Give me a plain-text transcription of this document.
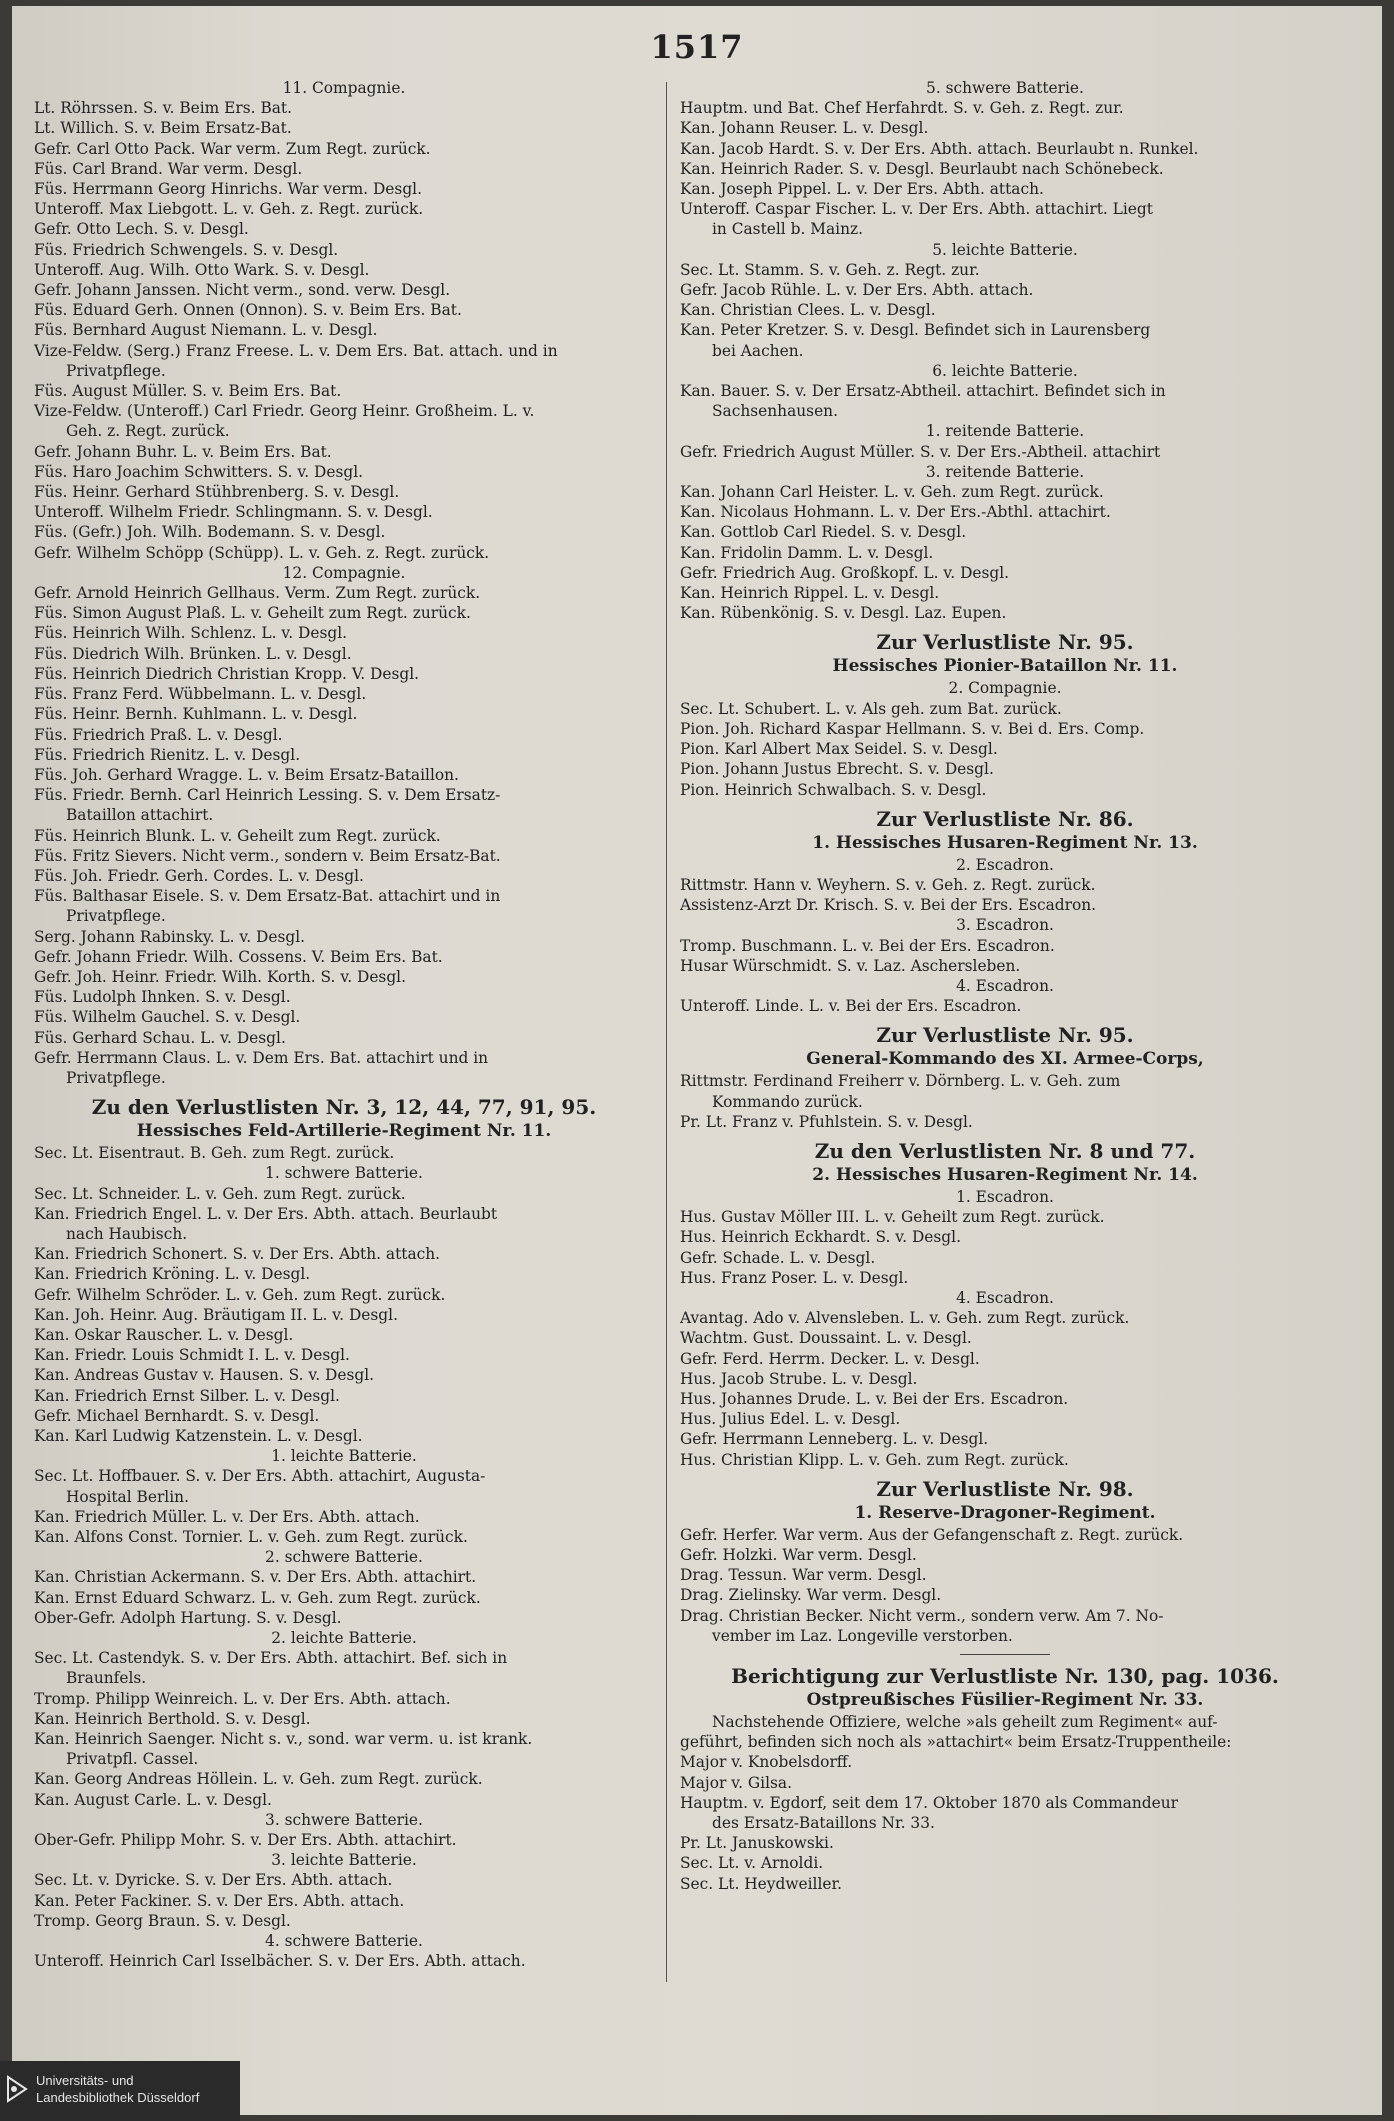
1517
11. Compagnie.
Lt. Röhrssen. S. v. Beim Ers. Bat.
Lt. Willich. S. v. Beim Ersatz-Bat.
Gefr. Carl Otto Pack. War verm. Zum Regt. zurück.
Füs. Carl Brand. War verm. Desgl.
Füs. Herrmann Georg Hinrichs. War verm. Desgl.
Unteroff. Max Liebgott. L. v. Geh. z. Regt. zurück.
Gefr. Otto Lech. S. v. Desgl.
Füs. Friedrich Schwengels. S. v. Desgl.
Unteroff. Aug. Wilh. Otto Wark. S. v. Desgl.
Gefr. Johann Janssen. Nicht verm., sond. verw. Desgl.
Füs. Eduard Gerh. Onnen (Onnon). S. v. Beim Ers. Bat.
Füs. Bernhard August Niemann. L. v. Desgl.
Vize-Feldw. (Serg.) Franz Freese. L. v. Dem Ers. Bat. attach. und in
Privatpflege.
Füs. August Müller. S. v. Beim Ers. Bat.
Vize-Feldw. (Unteroff.) Carl Friedr. Georg Heinr. Großheim. L. v.
Geh. z. Regt. zurück.
Gefr. Johann Buhr. L. v. Beim Ers. Bat.
Füs. Haro Joachim Schwitters. S. v. Desgl.
Füs. Heinr. Gerhard Stühbrenberg. S. v. Desgl.
Unteroff. Wilhelm Friedr. Schlingmann. S. v. Desgl.
Füs. (Gefr.) Joh. Wilh. Bodemann. S. v. Desgl.
Gefr. Wilhelm Schöpp (Schüpp). L. v. Geh. z. Regt. zurück.
12. Compagnie.
Gefr. Arnold Heinrich Gellhaus. Verm. Zum Regt. zurück.
Füs. Simon August Plaß. L. v. Geheilt zum Regt. zurück.
Füs. Heinrich Wilh. Schlenz. L. v. Desgl.
Füs. Diedrich Wilh. Brünken. L. v. Desgl.
Füs. Heinrich Diedrich Christian Kropp. V. Desgl.
Füs. Franz Ferd. Wübbelmann. L. v. Desgl.
Füs. Heinr. Bernh. Kuhlmann. L. v. Desgl.
Füs. Friedrich Praß. L. v. Desgl.
Füs. Friedrich Rienitz. L. v. Desgl.
Füs. Joh. Gerhard Wragge. L. v. Beim Ersatz-Bataillon.
Füs. Friedr. Bernh. Carl Heinrich Lessing. S. v. Dem Ersatz-
Bataillon attachirt.
Füs. Heinrich Blunk. L. v. Geheilt zum Regt. zurück.
Füs. Fritz Sievers. Nicht verm., sondern v. Beim Ersatz-Bat.
Füs. Joh. Friedr. Gerh. Cordes. L. v. Desgl.
Füs. Balthasar Eisele. S. v. Dem Ersatz-Bat. attachirt und in
Privatpflege.
Serg. Johann Rabinsky. L. v. Desgl.
Gefr. Johann Friedr. Wilh. Cossens. V. Beim Ers. Bat.
Gefr. Joh. Heinr. Friedr. Wilh. Korth. S. v. Desgl.
Füs. Ludolph Ihnken. S. v. Desgl.
Füs. Wilhelm Gauchel. S. v. Desgl.
Füs. Gerhard Schau. L. v. Desgl.
Gefr. Herrmann Claus. L. v. Dem Ers. Bat. attachirt und in
Privatpflege.
Zu den Verlustlisten Nr. 3, 12, 44, 77, 91, 95.
Hessisches Feld-Artillerie-Regiment Nr. 11.
Sec. Lt. Eisentraut. B. Geh. zum Regt. zurück.
1. schwere Batterie.
Sec. Lt. Schneider. L. v. Geh. zum Regt. zurück.
Kan. Friedrich Engel. L. v. Der Ers. Abth. attach. Beurlaubt
nach Haubisch.
Kan. Friedrich Schonert. S. v. Der Ers. Abth. attach.
Kan. Friedrich Kröning. L. v. Desgl.
Gefr. Wilhelm Schröder. L. v. Geh. zum Regt. zurück.
Kan. Joh. Heinr. Aug. Bräutigam II. L. v. Desgl.
Kan. Oskar Rauscher. L. v. Desgl.
Kan. Friedr. Louis Schmidt I. L. v. Desgl.
Kan. Andreas Gustav v. Hausen. S. v. Desgl.
Kan. Friedrich Ernst Silber. L. v. Desgl.
Gefr. Michael Bernhardt. S. v. Desgl.
Kan. Karl Ludwig Katzenstein. L. v. Desgl.
1. leichte Batterie.
Sec. Lt. Hoffbauer. S. v. Der Ers. Abth. attachirt, Augusta-
Hospital Berlin.
Kan. Friedrich Müller. L. v. Der Ers. Abth. attach.
Kan. Alfons Const. Tornier. L. v. Geh. zum Regt. zurück.
2. schwere Batterie.
Kan. Christian Ackermann. S. v. Der Ers. Abth. attachirt.
Kan. Ernst Eduard Schwarz. L. v. Geh. zum Regt. zurück.
Ober-Gefr. Adolph Hartung. S. v. Desgl.
2. leichte Batterie.
Sec. Lt. Castendyk. S. v. Der Ers. Abth. attachirt. Bef. sich in
Braunfels.
Tromp. Philipp Weinreich. L. v. Der Ers. Abth. attach.
Kan. Heinrich Berthold. S. v. Desgl.
Kan. Heinrich Saenger. Nicht s. v., sond. war verm. u. ist krank.
Privatpfl. Cassel.
Kan. Georg Andreas Höllein. L. v. Geh. zum Regt. zurück.
Kan. August Carle. L. v. Desgl.
3. schwere Batterie.
Ober-Gefr. Philipp Mohr. S. v. Der Ers. Abth. attachirt.
3. leichte Batterie.
Sec. Lt. v. Dyricke. S. v. Der Ers. Abth. attach.
Kan. Peter Fackiner. S. v. Der Ers. Abth. attach.
Tromp. Georg Braun. S. v. Desgl.
4. schwere Batterie.
Unteroff. Heinrich Carl Isselbächer. S. v. Der Ers. Abth. attach.
5. schwere Batterie.
Hauptm. und Bat. Chef Herfahrdt. S. v. Geh. z. Regt. zur.
Kan. Johann Reuser. L. v. Desgl.
Kan. Jacob Hardt. S. v. Der Ers. Abth. attach. Beurlaubt n. Runkel.
Kan. Heinrich Rader. S. v. Desgl. Beurlaubt nach Schönebeck.
Kan. Joseph Pippel. L. v. Der Ers. Abth. attach.
Unteroff. Caspar Fischer. L. v. Der Ers. Abth. attachirt. Liegt
in Castell b. Mainz.
5. leichte Batterie.
Sec. Lt. Stamm. S. v. Geh. z. Regt. zur.
Gefr. Jacob Rühle. L. v. Der Ers. Abth. attach.
Kan. Christian Clees. L. v. Desgl.
Kan. Peter Kretzer. S. v. Desgl. Befindet sich in Laurensberg
bei Aachen.
6. leichte Batterie.
Kan. Bauer. S. v. Der Ersatz-Abtheil. attachirt. Befindet sich in
Sachsenhausen.
1. reitende Batterie.
Gefr. Friedrich August Müller. S. v. Der Ers.-Abtheil. attachirt
3. reitende Batterie.
Kan. Johann Carl Heister. L. v. Geh. zum Regt. zurück.
Kan. Nicolaus Hohmann. L. v. Der Ers.-Abthl. attachirt.
Kan. Gottlob Carl Riedel. S. v. Desgl.
Kan. Fridolin Damm. L. v. Desgl.
Gefr. Friedrich Aug. Großkopf. L. v. Desgl.
Kan. Heinrich Rippel. L. v. Desgl.
Kan. Rübenkönig. S. v. Desgl. Laz. Eupen.
Zur Verlustliste Nr. 95.
Hessisches Pionier-Bataillon Nr. 11.
2. Compagnie.
Sec. Lt. Schubert. L. v. Als geh. zum Bat. zurück.
Pion. Joh. Richard Kaspar Hellmann. S. v. Bei d. Ers. Comp.
Pion. Karl Albert Max Seidel. S. v. Desgl.
Pion. Johann Justus Ebrecht. S. v. Desgl.
Pion. Heinrich Schwalbach. S. v. Desgl.
Zur Verlustliste Nr. 86.
1. Hessisches Husaren-Regiment Nr. 13.
2. Escadron.
Rittmstr. Hann v. Weyhern. S. v. Geh. z. Regt. zurück.
Assistenz-Arzt Dr. Krisch. S. v. Bei der Ers. Escadron.
3. Escadron.
Tromp. Buschmann. L. v. Bei der Ers. Escadron.
Husar Würschmidt. S. v. Laz. Aschersleben.
4. Escadron.
Unteroff. Linde. L. v. Bei der Ers. Escadron.
Zur Verlustliste Nr. 95.
General-Kommando des XI. Armee-Corps,
Rittmstr. Ferdinand Freiherr v. Dörnberg. L. v. Geh. zum
Kommando zurück.
Pr. Lt. Franz v. Pfuhlstein. S. v. Desgl.
Zu den Verlustlisten Nr. 8 und 77.
2. Hessisches Husaren-Regiment Nr. 14.
1. Escadron.
Hus. Gustav Möller III. L. v. Geheilt zum Regt. zurück.
Hus. Heinrich Eckhardt. S. v. Desgl.
Gefr. Schade. L. v. Desgl.
Hus. Franz Poser. L. v. Desgl.
4. Escadron.
Avantag. Ado v. Alvensleben. L. v. Geh. zum Regt. zurück.
Wachtm. Gust. Doussaint. L. v. Desgl.
Gefr. Ferd. Herrm. Decker. L. v. Desgl.
Hus. Jacob Strube. L. v. Desgl.
Hus. Johannes Drude. L. v. Bei der Ers. Escadron.
Hus. Julius Edel. L. v. Desgl.
Gefr. Herrmann Lenneberg. L. v. Desgl.
Hus. Christian Klipp. L. v. Geh. zum Regt. zurück.
Zur Verlustliste Nr. 98.
1. Reserve-Dragoner-Regiment.
Gefr. Herfer. War verm. Aus der Gefangenschaft z. Regt. zurück.
Gefr. Holzki. War verm. Desgl.
Drag. Tessun. War verm. Desgl.
Drag. Zielinsky. War verm. Desgl.
Drag. Christian Becker. Nicht verm., sondern verw. Am 7. No-
vember im Laz. Longeville verstorben.
Berichtigung zur Verlustliste Nr. 130, pag. 1036.
Ostpreußisches Füsilier-Regiment Nr. 33.
Nachstehende Offiziere, welche »als geheilt zum Regiment« auf-
geführt, befinden sich noch als »attachirt« beim Ersatz-Truppentheile:
Major v. Knobelsdorff.
Major v. Gilsa.
Hauptm. v. Egdorf, seit dem 17. Oktober 1870 als Commandeur
des Ersatz-Bataillons Nr. 33.
Pr. Lt. Januskowski.
Sec. Lt. v. Arnoldi.
Sec. Lt. Heydweiller.
Universitäts- und
Landesbibliothek Düsseldorf
